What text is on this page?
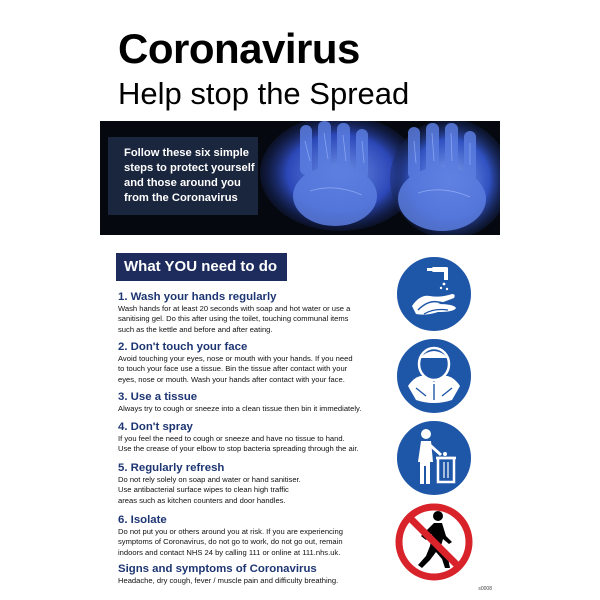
Coronavirus
Help stop the Spread
Follow these six simple
steps to protect yourself
and those around you
from the Coronavirus
What YOU need to do
1. Wash your hands regularly

Wash hands for at least 20 seconds with soap and hot water or use a

sanitising gel. Do this after using the toilet, touching communal items

such as the kettle and before and after eating.

2. Don't touch your face

Avoid touching your eyes, nose or mouth with your hands. If you need

to touch your face use a tissue. Bin the tissue after contact with your

eyes, nose or mouth. Wash your hands after contact with your face.

3. Use a tissue

Always try to cough or sneeze into a clean tissue then bin it immediately.

4. Don't spray

If you feel the need to cough or sneeze and have no tissue to hand.

Use the crease of your elbow to stop bacteria spreading through the air.

5. Regularly refresh

Do not rely solely on soap and water or hand sanitiser.

Use antibacterial surface wipes to clean high traffic

areas such as kitchen counters and door handles.

6. Isolate

Do not put you or others around you at risk. If you are experiencing

symptoms of Coronavirus, do not go to work, do not go out, remain

indoors and contact NHS 24 by calling 111 or online at 111.nhs.uk.

Signs and symptoms of Coronavirus

Headache, dry cough, fever / muscle pain and difficulty breathing.

s0008
